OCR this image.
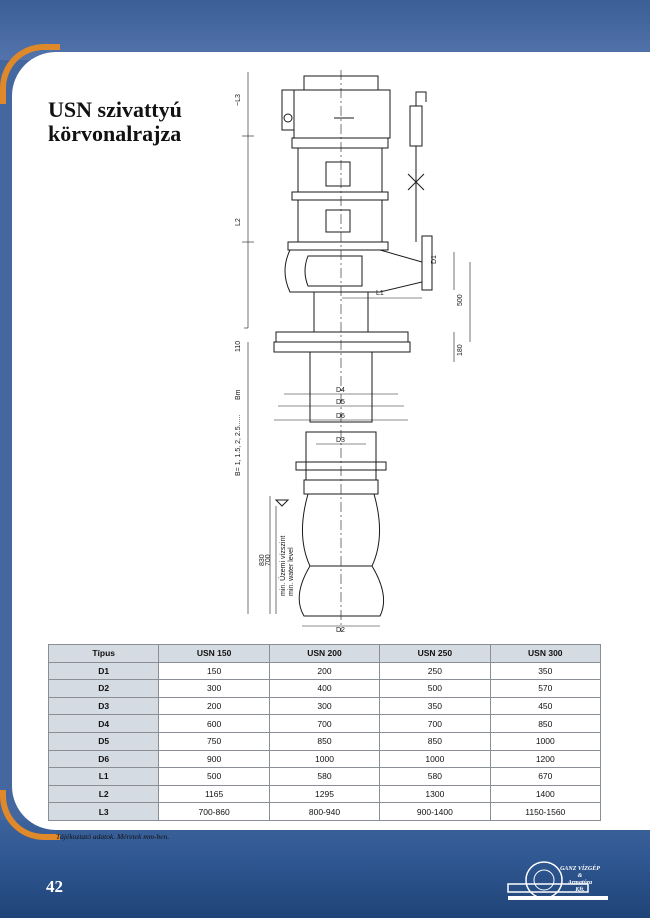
USN szivattyú
körvonalrajza
~L3
L2
D1
L1
500
110	180
Bm	D4
D5
D6
D3
B= 1, 1.5, 2, 2.5......
830 700 min. Üzemi vízszint min. water level
D2
Típus	USN 150	USN 200	USN 250	USN 300
D1	150	200	250	350
D2	300	400	500	570
D3	200	300	350	450
D4	600	700	700	850
D5	750	850	850	1000
D6	900	1000	1000	1200
L1	500	580	580	670
L2	1165	1295	1300	1400
L3	700-860	800-940	900-1400	1150-1560
Tájékoztató adatok. Méretek mm-ben.
42
GANZ VÍZGÉP
&
Armatúra
Kft.
